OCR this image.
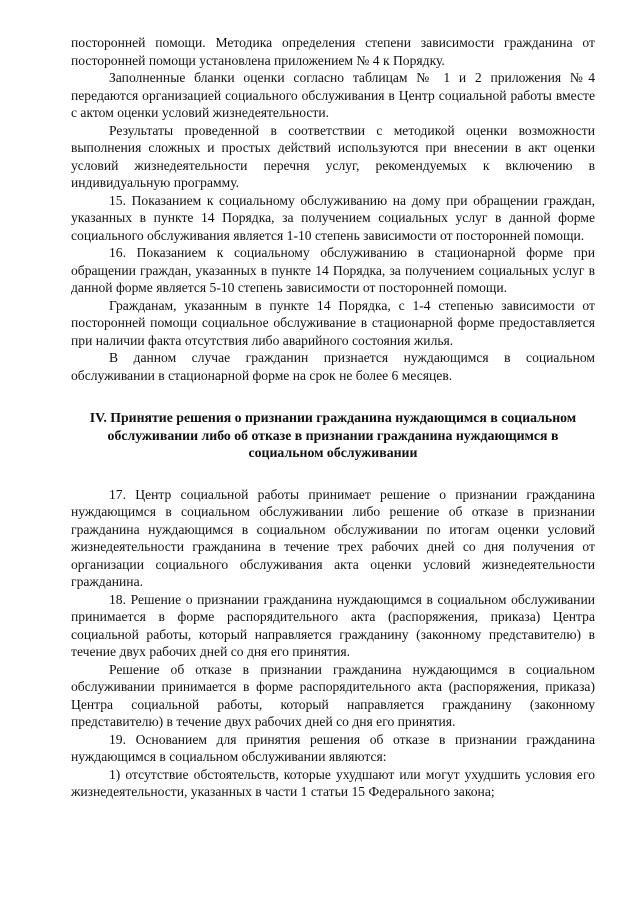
посторонней помощи. Методика определения степени зависимости гражданина от посторонней помощи установлена приложением № 4 к Порядку.

Заполненные бланки оценки согласно таблицам № 1 и 2 приложения №4 передаются организацией социального обслуживания в Центр социальной работы вместе с актом оценки условий жизнедеятельности.

Результаты проведенной в соответствии с методикой оценки возможности выполнения сложных и простых действий используются при внесении в акт оценки условий жизнедеятельности перечня услуг, рекомендуемых к включению в индивидуальную программу.

15. Показанием к социальному обслуживанию на дому при обращении граждан, указанных в пункте 14 Порядка, за получением социальных услуг в данной форме социального обслуживания является 1-10 степень зависимости от посторонней помощи.

16. Показанием к социальному обслуживанию в стационарной форме при обращении граждан, указанных в пункте 14 Порядка, за получением социальных услуг в данной форме является 5-10 степень зависимости от посторонней помощи.

Гражданам, указанным в пункте 14 Порядка, с 1-4 степенью зависимости от посторонней помощи социальное обслуживание в стационарной форме предоставляется при наличии факта отсутствия либо аварийного состояния жилья.

В данном случае гражданин признается нуждающимся в социальном обслуживании в стационарной форме на срок не более 6 месяцев.

IV. Принятие решения о признании гражданина нуждающимся в социальном обслуживании либо об отказе в признании гражданина нуждающимся в социальном обслуживании

17. Центр социальной работы принимает решение о признании гражданина нуждающимся в социальном обслуживании либо решение об отказе в признании гражданина нуждающимся в социальном обслуживании по итогам оценки условий жизнедеятельности гражданина в течение трех рабочих дней со дня получения от организации социального обслуживания акта оценки условий жизнедеятельности гражданина.

18. Решение о признании гражданина нуждающимся в социальном обслуживании принимается в форме распорядительного акта (распоряжения, приказа) Центра социальной работы, который направляется гражданину (законному представителю) в течение двух рабочих дней со дня его принятия.

Решение об отказе в признании гражданина нуждающимся в социальном обслуживании принимается в форме распорядительного акта (распоряжения, приказа) Центра социальной работы, который направляется гражданину (законному представителю) в течение двух рабочих дней со дня его принятия.

19. Основанием для принятия решения об отказе в признании гражданина нуждающимся в социальном обслуживании являются:

1) отсутствие обстоятельств, которые ухудшают или могут ухудшить условия его жизнедеятельности, указанных в части 1 статьи 15 Федерального закона;
